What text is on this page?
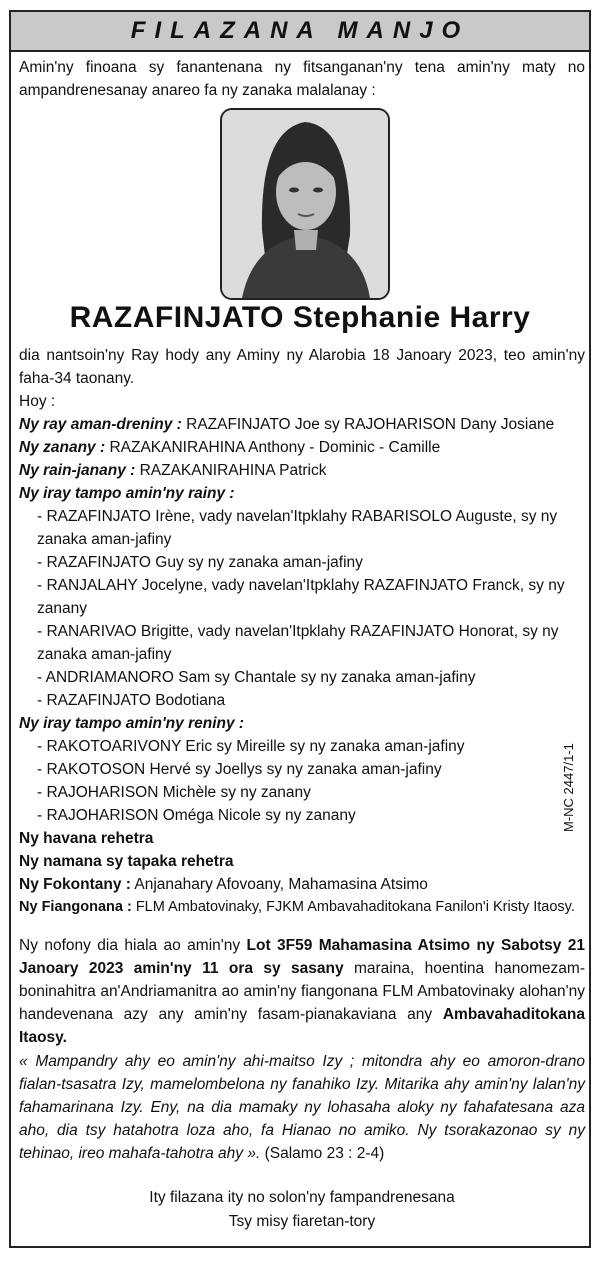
FILAZANA MANJO
Amin'ny finoana sy fanantenana ny fitsanganan'ny tena amin'ny maty no ampandrenesanay anareo fa ny zanaka malalanay :
RAZAFINJATO Stephanie Harry
dia nantsoin'ny Ray hody any Aminy ny Alarobia 18 Janoary 2023, teo amin'ny faha-34 taonany.
Hoy :
Ny ray aman-dreniny : RAZAFINJATO Joe sy RAJOHARISON Dany Josiane
Ny zanany : RAZAKANIRAHINA Anthony - Dominic - Camille
Ny rain-janany : RAZAKANIRAHINA Patrick
Ny iray tampo amin'ny rainy :
- RAZAFINJATO Irène, vady navelan'Itpklahy RABARISOLO Auguste, sy ny zanaka aman-jafiny
- RAZAFINJATO Guy sy ny zanaka aman-jafiny
- RANJALAHY Jocelyne, vady navelan'Itpklahy RAZAFINJATO Franck, sy ny zanany
- RANARIVAO Brigitte, vady navelan'Itpklahy RAZAFINJATO Honorat, sy ny zanaka aman-jafiny
- ANDRIAMANORO Sam sy Chantale sy ny zanaka aman-jafiny
- RAZAFINJATO Bodotiana
Ny iray tampo amin'ny reniny :
- RAKOTOARIVONY Eric sy Mireille sy ny zanaka aman-jafiny
- RAKOTOSON Hervé sy Joellys sy ny zanaka aman-jafiny
- RAJOHARISON Michèle sy ny zanany
- RAJOHARISON Oméga Nicole sy ny zanany
Ny havana rehetra
Ny namana sy tapaka rehetra
Ny Fokontany : Anjanahary Afovoany, Mahamasina Atsimo
Ny Fiangonana : FLM Ambatovinaky, FJKM Ambavahaditokana Fanilon'i Kristy Itaosy.
Ny nofony dia hiala ao amin'ny Lot 3F59 Mahamasina Atsimo ny Sabotsy 21 Janoary 2023 amin'ny 11 ora sy sasany maraina, hoentina hanomezam-boninahitra an'Andriamanitra ao amin'ny fiangonana FLM Ambatovinaky alohan'ny handevenana azy any amin'ny fasam-pianakaviana any Ambavahaditokana Itaosy.
« Mampandry ahy eo amin'ny ahi-maitso Izy ; mitondra ahy eo amoron-drano fialan-tsasatra Izy, mamelombelona ny fanahiko Izy. Mitarika ahy amin'ny lalan'ny fahamarinana Izy. Eny, na dia mamaky ny lohasaha aloky ny fahafatesana aza aho, dia tsy hatahotra loza aho, fa Hianao no amiko. Ny tsorakazonao sy ny tehinao, ireo mahafa-tahotra ahy ». (Salamo 23 : 2-4)
Ity filazana ity no solon'ny fampandrenesana
Tsy misy fiaretan-tory
M-NC 2447/1-1
